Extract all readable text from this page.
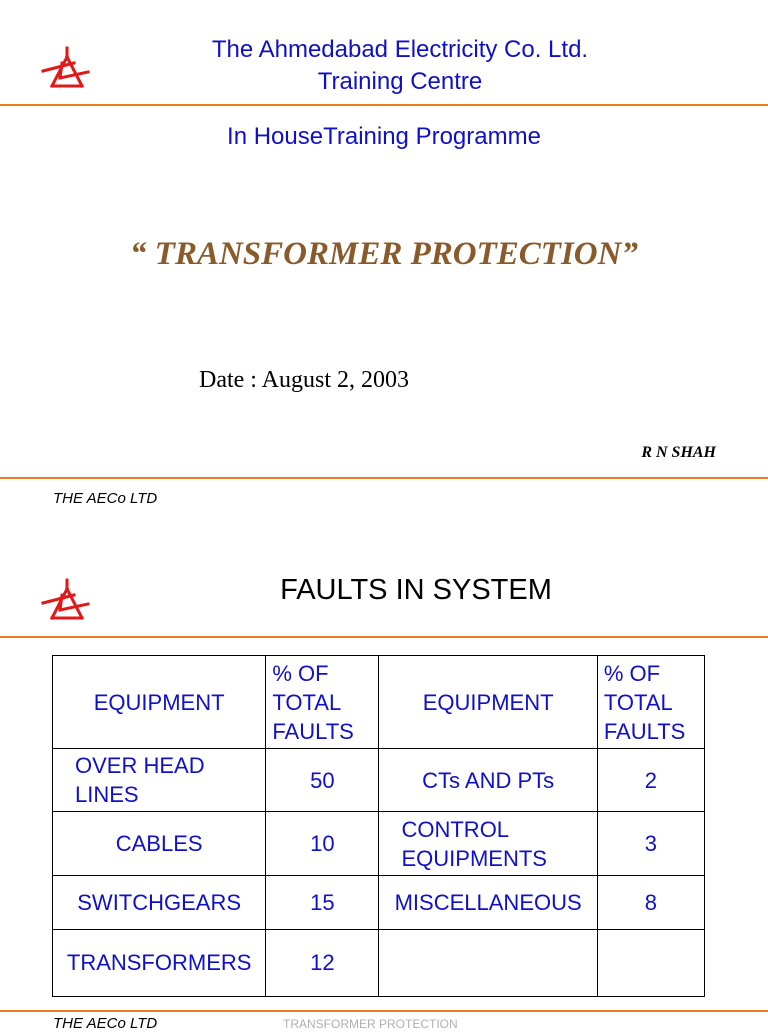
The Ahmedabad Electricity Co. Ltd.
Training Centre
In HouseTraining Programme
“ TRANSFORMER PROTECTION”
Date : August 2, 2003
R N SHAH
THE AECo LTD
FAULTS IN SYSTEM
EQUIPMENT	% OF TOTAL FAULTS	EQUIPMENT	% OF TOTAL FAULTS
OVER HEAD LINES	50	CTs AND PTs	2
CABLES	10	CONTROL EQUIPMENTS	3
SWITCHGEARS	15	MISCELLANEOUS	8
TRANSFORMERS	12		
THE AECo LTD	TRANSFORMER PROTECTION
